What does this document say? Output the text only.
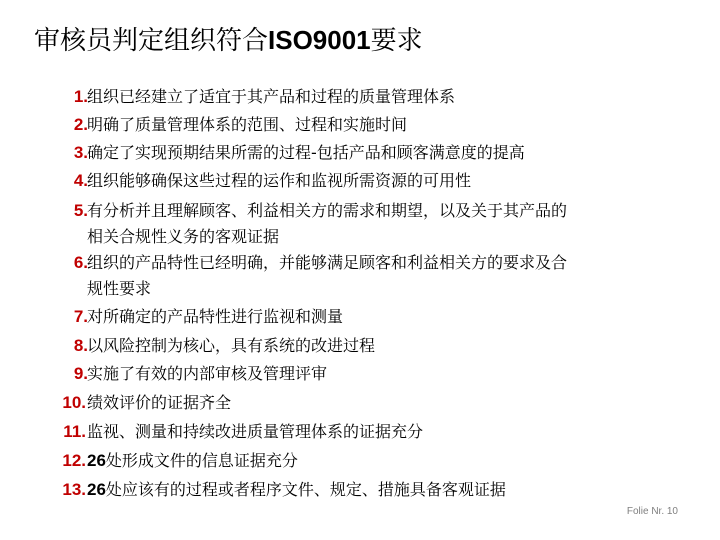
审核员判定组织符合ISO9001要求
1. 组织已经建立了适宜于其产品和过程的质量管理体系
2. 明确了质量管理体系的范围、过程和实施时间
3. 确定了实现预期结果所需的过程-包括产品和顾客满意度的提高
4. 组织能够确保这些过程的运作和监视所需资源的可用性
5. 有分析并且理解顾客、利益相关方的需求和期望，以及关于其产品的
相关合规性义务的客观证据
6. 组织的产品特性已经明确，并能够满足顾客和利益相关方的要求及合
规性要求
7. 对所确定的产品特性进行监视和测量
8. 以风险控制为核心，具有系统的改进过程
9. 实施了有效的内部审核及管理评审
10. 绩效评价的证据齐全
11. 监视、测量和持续改进质量管理体系的证据充分
12. 26处形成文件的信息证据充分
13. 26处应该有的过程或者程序文件、规定、措施具备客观证据
Folie Nr. 10
